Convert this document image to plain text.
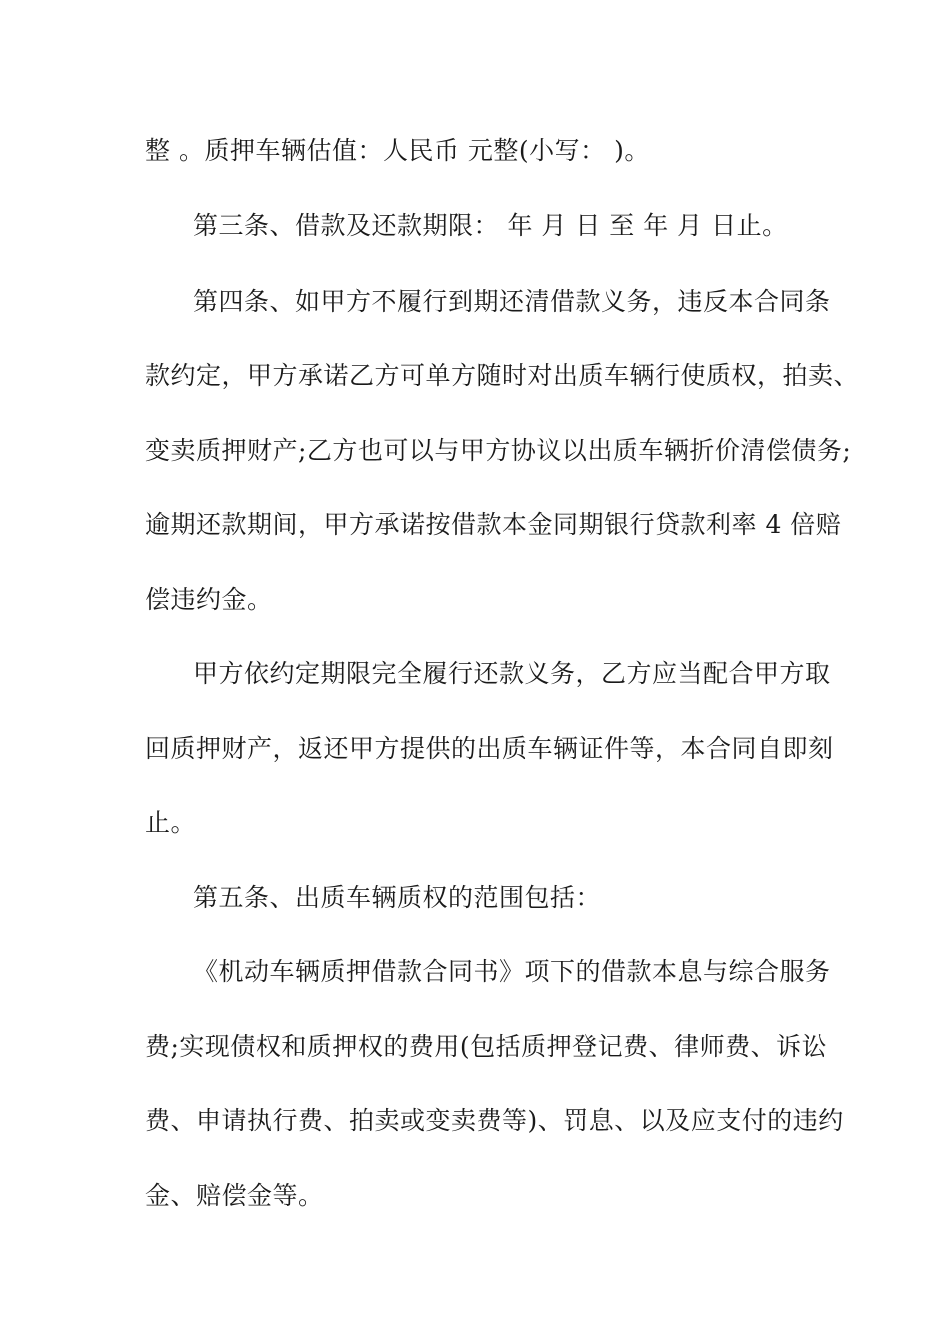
整 。质押车辆估值：人民币 元整(小写： )。
第三条、借款及还款期限： 年 月 日 至 年 月 日止。
第四条、如甲方不履行到期还清借款义务，违反本合同条
款约定，甲方承诺乙方可单方随时对出质车辆行使质权，拍卖、
变卖质押财产;乙方也可以与甲方协议以出质车辆折价清偿债务;
逾期还款期间，甲方承诺按借款本金同期银行贷款利率 4 倍赔
偿违约金。
甲方依约定期限完全履行还款义务，乙方应当配合甲方取
回质押财产，返还甲方提供的出质车辆证件等，本合同自即刻
止。
第五条、出质车辆质权的范围包括：
《机动车辆质押借款合同书》项下的借款本息与综合服务
费;实现债权和质押权的费用(包括质押登记费、律师费、诉讼
费、申请执行费、拍卖或变卖费等)、罚息、以及应支付的违约
金、赔偿金等。
